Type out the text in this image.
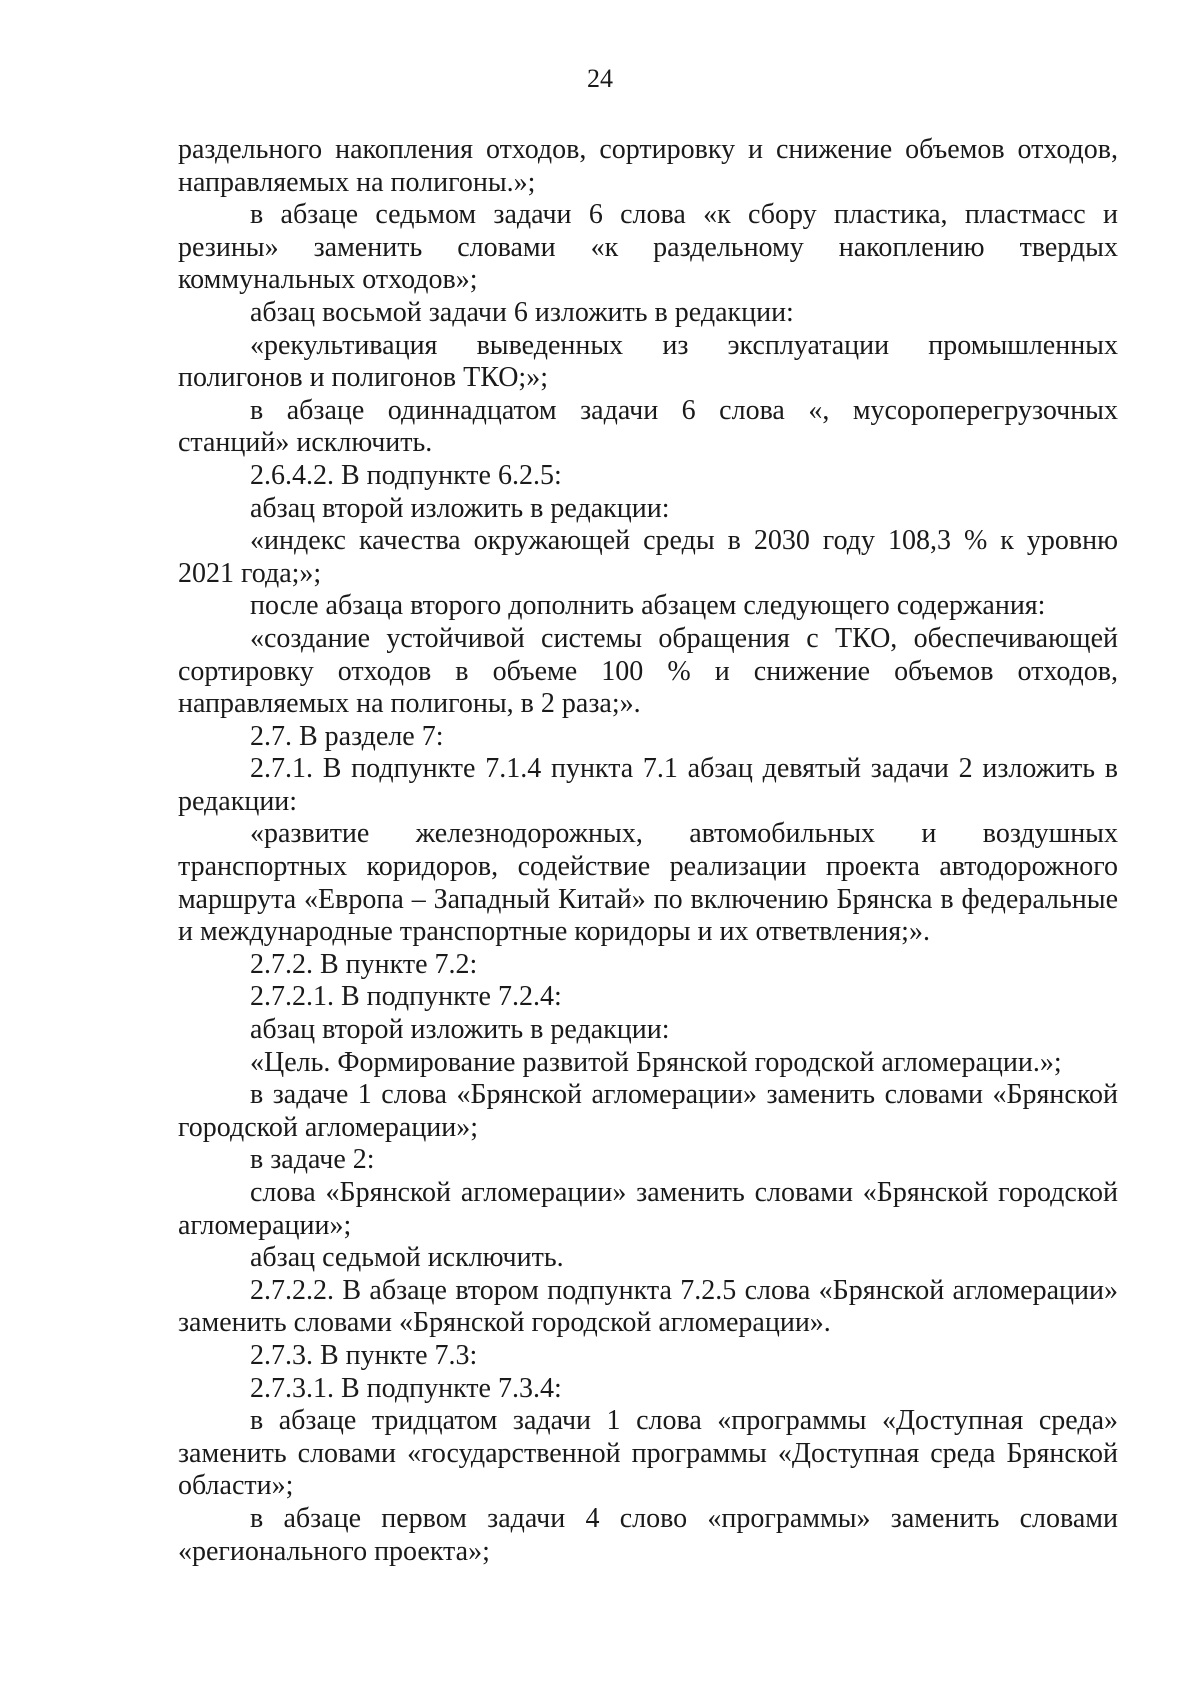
24

раздельного накопления отходов, сортировку и снижение объемов отходов, направляемых на полигоны.»;

в абзаце седьмом задачи 6 слова «к сбору пластика, пластмасс и резины» заменить словами «к раздельному накоплению твердых коммунальных отходов»;

абзац восьмой задачи 6 изложить в редакции:

«рекультивация выведенных из эксплуатации промышленных полигонов и полигонов ТКО;»;

в абзаце одиннадцатом задачи 6 слова «, мусороперегрузочных станций» исключить.

2.6.4.2. В подпункте 6.2.5:

абзац второй изложить в редакции:

«индекс качества окружающей среды в 2030 году 108,3 % к уровню 2021 года;»;

после абзаца второго дополнить абзацем следующего содержания:

«создание устойчивой системы обращения с ТКО, обеспечивающей сортировку отходов в объеме 100 % и снижение объемов отходов, направляемых на полигоны, в 2 раза;».

2.7. В разделе 7:

2.7.1. В подпункте 7.1.4 пункта 7.1 абзац девятый задачи 2 изложить в редакции:

«развитие железнодорожных, автомобильных и воздушных транспортных коридоров, содействие реализации проекта автодорожного маршрута «Европа – Западный Китай» по включению Брянска в федеральные и международные транспортные коридоры и их ответвления;».

2.7.2. В пункте 7.2:

2.7.2.1. В подпункте 7.2.4:

абзац второй изложить в редакции:

«Цель. Формирование развитой Брянской городской агломерации.»;

в задаче 1 слова «Брянской агломерации» заменить словами «Брянской городской агломерации»;

в задаче 2:

слова «Брянской агломерации» заменить словами «Брянской городской агломерации»;

абзац седьмой исключить.

2.7.2.2. В абзаце втором подпункта 7.2.5 слова «Брянской агломерации» заменить словами «Брянской городской агломерации».

2.7.3. В пункте 7.3:

2.7.3.1. В подпункте 7.3.4:

в абзаце тридцатом задачи 1 слова «программы «Доступная среда» заменить словами «государственной программы «Доступная среда Брянской области»;

в абзаце первом задачи 4 слово «программы» заменить словами «регионального проекта»;
